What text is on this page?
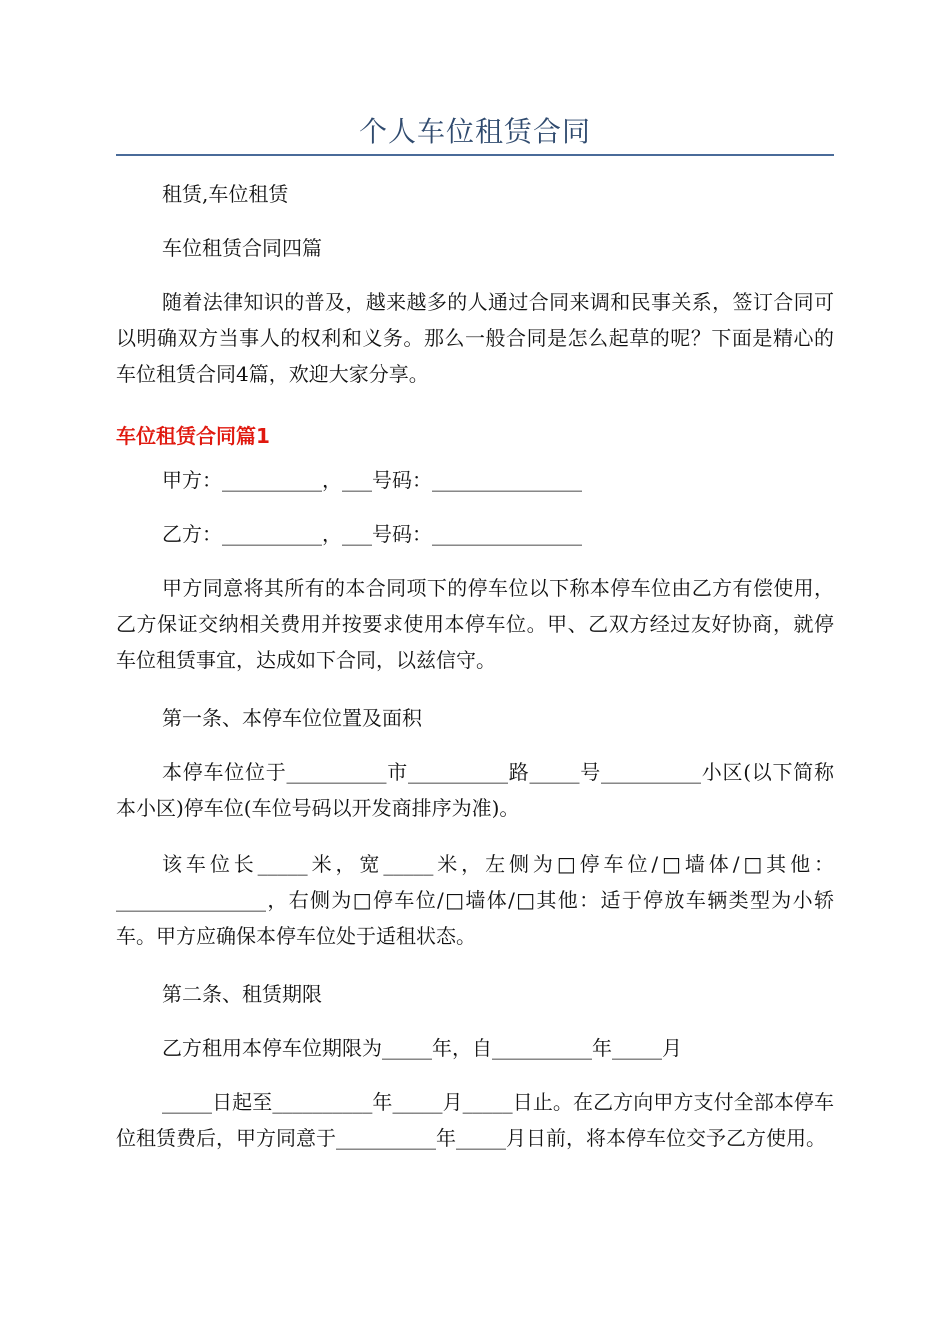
个人车位租赁合同

租赁,车位租赁

车位租赁合同四篇

随着法律知识的普及，越来越多的人通过合同来调和民事关系，签订合同可以明确双方当事人的权利和义务。那么一般合同是怎么起草的呢？下面是精心的车位租赁合同4篇，欢迎大家分享。

车位租赁合同篇1

甲方：__________，___号码：_______________

乙方：__________，___号码：_______________

甲方同意将其所有的本合同项下的停车位以下称本停车位由乙方有偿使用，乙方保证交纳相关费用并按要求使用本停车位。甲、乙双方经过友好协商，就停车位租赁事宜，达成如下合同，以兹信守。

第一条、本停车位位置及面积

本停车位位于__________市__________路_____号__________小区(以下简称本小区)停车位(车位号码以开发商排序为准)。

该车位长_____米，宽_____米，左侧为□停车位/□墙体/□其他：_______________，右侧为□停车位/□墙体/□其他：适于停放车辆类型为小轿车。甲方应确保本停车位处于适租状态。

第二条、租赁期限

乙方租用本停车位期限为_____年，自__________年_____月

_____日起至__________年_____月_____日止。在乙方向甲方支付全部本停车位租赁费后，甲方同意于__________年_____月日前，将本停车位交予乙方使用。
